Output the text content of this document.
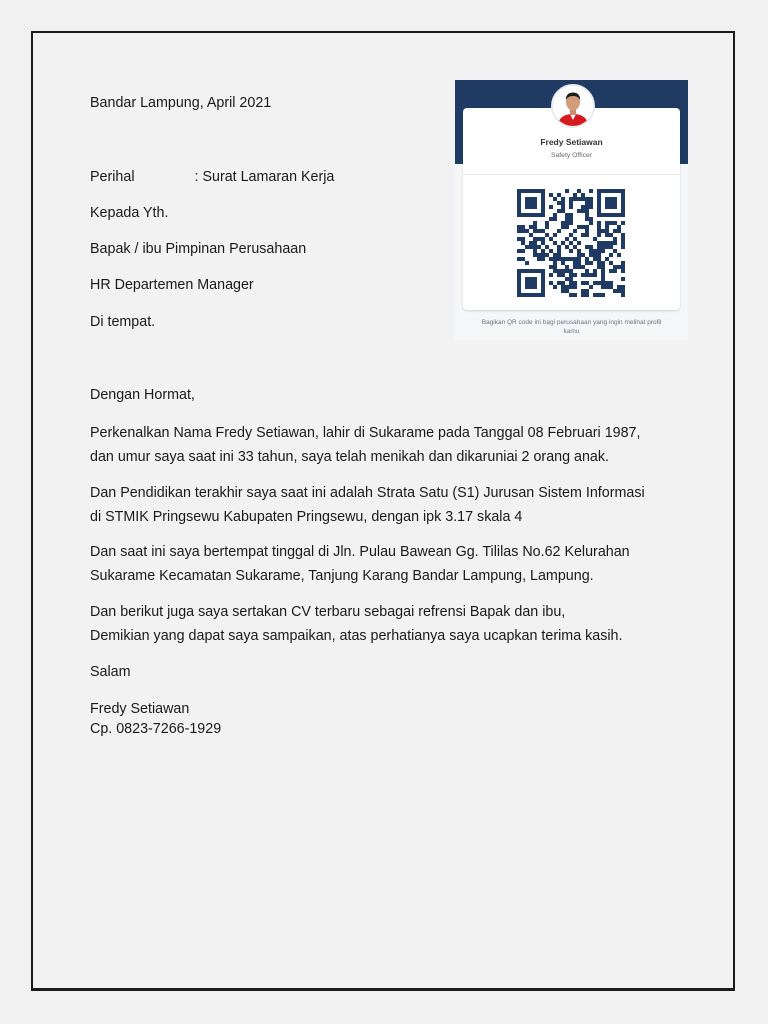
Bandar Lampung, April 2021
Perihal	: Surat Lamaran Kerja
Kepada Yth.
Bapak / ibu Pimpinan Perusahaan
HR Departemen Manager
Di tempat.
Dengan Hormat,
Perkenalkan Nama Fredy Setiawan, lahir di Sukarame pada Tanggal 08 Februari 1987,
dan umur saya saat ini 33 tahun, saya telah menikah dan dikaruniai 2 orang anak.
Dan Pendidikan terakhir saya saat ini adalah Strata Satu (S1) Jurusan Sistem Informasi
di STMIK Pringsewu Kabupaten Pringsewu, dengan ipk 3.17 skala 4
Dan saat ini saya bertempat tinggal di Jln. Pulau Bawean Gg. Tililas No.62 Kelurahan
Sukarame Kecamatan Sukarame, Tanjung Karang Bandar Lampung, Lampung.
Dan berikut juga saya sertakan CV terbaru sebagai refrensi Bapak dan ibu,
Demikian yang dapat saya sampaikan, atas perhatianya saya ucapkan terima kasih.
Salam
Fredy Setiawan
Cp. 0823-7266-1929
Fredy Setiawan
Safety Officer
Bagikan QR code ini bagi perusahaan yang ingin melihat profil kamu
